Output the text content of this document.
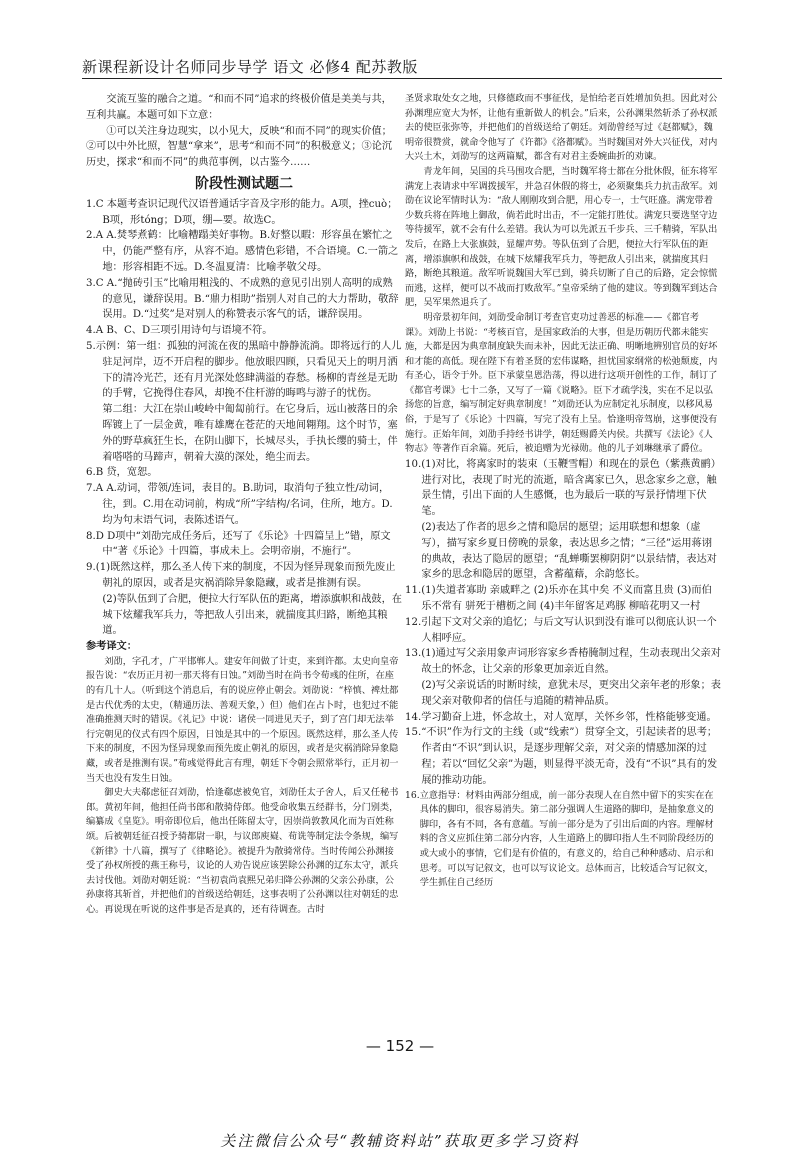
新课程新设计名师同步导学 语文 必修4 配苏教版

交流互鉴的融合之道。“和而不同”追求的终极价值是美美与共，互利共赢。本题可如下立意：

①可以关注身边现实，以小见大，反映“和而不同”的现实价值；②可以中外比照，智慧“拿来”，思考“和而不同”的积极意义；③论沉历史，探求“和而不同”的典范事例，以古鉴今……

阶段性测试题二

1.C 本题考查识记现代汉语普通话字音及字形的能力。A项，挫cuò；B项，形tóng；D项，绷—要。故选C。

2.A A.焚琴煮鹤：比喻糟蹋美好事物。B.好整以暇：形容虽在繁忙之中，仍能严整有序，从容不迫。感情色彩错，不合语境。C.一箭之地：形容相距不远。D.冬温夏清：比喻孝敬父母。

3.C A.“抛砖引玉”比喻用粗浅的、不成熟的意见引出别人高明的成熟的意见，谦辞误用。B.“鼎力相助”指别人对自己的大力帮助，敬辞误用。D.“过奖”是对别人的称赞表示客气的话，谦辞误用。

4.A B、C、D三项引用诗句与语境不符。

5.示例：第一组：孤独的河流在夜的黑暗中静静流淌。即将远行的人儿驻足河岸，迈不开启程的脚步。他放眼四顾，只看见天上的明月洒下的清冷光芒，还有月光深处悠肆满溢的春愁。杨柳的青丝是无助的手臂，它挽得住春风，却挽不住杆游的晦鸣与游子的忧伤。

第二组：大江在崇山峻岭中匍匐前行。在它身后，远山被落日的余晖镀上了一层金黄，唯有雄鹰在苍茫的天地间翱翔。这个时节，塞外的野草疯狂生长，在阴山脚下，长城尽头，手执长缨的骑士，伴着嗒嗒的马蹄声，朝着大漠的深处，绝尘而去。

6.B 贷，宽恕。

7.A A.动词，带领/连词，表目的。B.助词，取消句子独立性/动词，往，到。C.用在动词前，构成“所”字结构/名词，住所，地方。D.均为句末语气词，表陈述语气。

8.D D项中“刘劭完成任务后，还写了《乐论》十四篇呈上”错，原文中“著《乐论》十四篇，事成未上。会明帝崩，不施行”。

9.(1)既然这样，那么圣人传下来的制度，不因为怪异现象而预先废止朝礼的原因，或者是灾祸消除异象隐藏，或者是推测有误。

(2)等队伍到了合肥，便拉大行军队伍的距离，增添旗帜和战鼓，在城下炫耀我军兵力，等把敌人引出来，就揣度其归路，断绝其粮道。

参考译文：

刘劭，字孔才，广平邯郸人。建安年间做了计吏，来到许都。太史向皇帝报告说：“农历正月初一那天将有日蚀。”刘劭当时在尚书令荀彧的住所，在座的有几十人。（听到这个消息后，有的说应停止朝会。刘劭说：“梓慎、裨灶都是古代优秀的太史，（精通历法、善观天象，）但）他们在占卜时，也犯过不能准确推测天时的错误。《礼记》中说：诸侯一同进见天子，到了宫门却无法举行完朝见的仪式有四个原因，日蚀是其中的一个原因。既然这样，那么圣人传下来的制度，不因为怪异现象而预先废止朝礼的原因，或者是灾祸消除异象隐藏，或者是推测有误。”荀彧觉得此言有理，朝廷下令朝会照常举行，正月初一当天也没有发生日蚀。

御史大夫郗虑征召刘劭，恰逢郗虑被免官，刘劭任太子舍人，后又任秘书郎。黄初年间，他担任尚书郎和散骑侍郎。他受命收集五经群书，分门别类，编纂成《皇览》。明帝即位后，他出任陈留太守，因崇尚敦教风化而为百姓称颂。后被朝廷征召授予骑都尉一职，与议郎庾嶷、荀诜等制定法令条规，编写《新律》十八篇，撰写了《律略论》。被提升为散骑常侍。当时传闻公孙渊接受了孙权所授的燕王称号，议论的人劝告说应该罢除公孙渊的辽东太守，派兵去讨伐他。刘劭对朝廷说：“当初袁尚袁熙兄弟归降公孙渊的父亲公孙康，公孙康将其斩首，并把他们的首级送给朝廷，这事表明了公孙渊以往对朝廷的忠心。再说现在听说的这件事是否是真的，还有待调查。古时

圣贤求取处女之地，只修德政而不事征伐，是怕给老百姓增加负担。因此对公孙渊理应宽大为怀，让他有重新做人的机会。”后来，公孙渊果然斩杀了孙权派去的使臣张弥等，并把他们的首级送给了朝廷。刘劭曾经写过《赵都赋》，魏明帝很赞赏，就命令他写了《许都》《洛都赋》。当时魏国对外大兴征伐，对内大兴土木，刘劭写的这两篇赋，都含有对君主委婉曲折的劝谏。

青龙年间，吴国的兵马围攻合肥，当时魏军将士都在分批休假，征东将军满宠上表请求中军调拨援军，并急召休假的将士，必须聚集兵力抗击敌军。刘劭在议论军情时认为：“敌人刚刚攻到合肥，用心专一，士气旺盛。满宠带着少数兵将在阵地上御敌，倘若此时出击，不一定能打胜仗。满宠只要选坚守边等待援军，就不会有什么差错。我认为可以先派五千步兵、三千精骑，军队出发后，在路上大张旗鼓，显耀声势。等队伍到了合肥，便拉大行军队伍的距离，增添旗帜和战鼓，在城下炫耀我军兵力，等把敌人引出来，就揣度其归路，断绝其粮道。敌军听说魏国大军已到，骑兵切断了自己的后路，定会惊慌而逃，这样，便可以不战而打败敌军。”皇帝采纳了他的建议。等到魏军到达合肥，吴军果然退兵了。

明帝景初年间，刘劭受命制订考查官吏功过善恶的标准——《都官考课》。刘劭上书说：“考核百官，是国家政治的大事，但是历朝历代都未能实施，大都是因为典章制度缺失而未补，因此无法正确、明晰地辨别官员的好坏和才能的高低。现在陛下有着圣贤的宏伟谋略，担忧国家纲常的松弛颓废，内有圣心，语令于外。臣下承蒙皇恩浩荡，得以进行这项开创性的工作，制订了《都官考课》七十二条，又写了一篇《说略》。臣下才疏学浅，实在不足以弘扬您的旨意，编写制定好典章制度！”刘劭还认为应制定礼乐制度，以移风易俗，于是写了《乐论》十四篇，写完了没有上呈。恰逢明帝驾崩，这事便没有施行。正始年间，刘劭手持经书讲学，朝廷赐爵关内侯。共撰写《法论》《人物志》等著作百余篇。死后，被追赠为光禄勋。他的儿子刘琳继承了爵位。

10.(1)对比，将离家时的装束（玉鞭雪帽）和现在的景色（紫燕黄鹂）进行对比，表现了时光的流逝，暗含离家已久，思念家乡之意，触景生情，引出下面的人生感慨，也为最后一联的写景抒情埋下伏笔。

(2)表达了作者的思乡之情和隐居的愿望；运用联想和想象（虚写），描写家乡夏日傍晚的景象，表达思乡之情；“三径”运用蒋诩的典故，表达了隐居的愿望；“乱蝉嘶罢柳阴阴”以景结情，表达对家乡的思念和隐居的愿望，含蓄蕴藉，余韵悠长。

11.(1)失道者寡助 亲戚畔之 (2)乐亦在其中矣 不义而富且贵 (3)而伯乐不常有 骈死于槽枥之间 (4)丰年留客足鸡豚 柳暗花明又一村

12.引起下文对父亲的追忆；与后文写认识到没有谁可以彻底认识一个人相呼应。

13.(1)通过写父亲用象声词形容家乡香椿腌制过程，生动表现出父亲对故土的怀念，让父亲的形象更加亲近自然。

(2)写父亲说话的时断时续，意犹未尽，更突出父亲年老的形象；表现父亲对敬仰者的信任与追随的精神品质。

14.学习勤奋上进，怀念故土，对人宽厚，关怀乡邻，性格能够变通。

15.“不识”作为行文的主线（或“线索”）贯穿全文，引起读者的思考；作者由“不识”到认识，是逐步理解父亲，对父亲的情感加深的过程；若以“回忆父亲”为题，则显得平淡无奇，没有“不识”具有的发展的推动功能。

16.立意指导：材料由两部分组成，前一部分表现人在自然中留下的实实在在具体的脚印，很容易消失。第二部分强调人生道路的脚印，是抽象意义的脚印，各有不同，各有意蕴。写前一部分是为了引出后面的内容。理解材料的含义应抓住第二部分内容，人生道路上的脚印指人生不同阶段经历的或大或小的事情，它们是有价值的，有意义的，给自己种种感动、启示和思考。可以写记叙文，也可以写议论文。总体而言，比较适合写记叙文，学生抓住自己经历

— 152 —
关注微信公众号“教辅资料站”获取更多学习资料
